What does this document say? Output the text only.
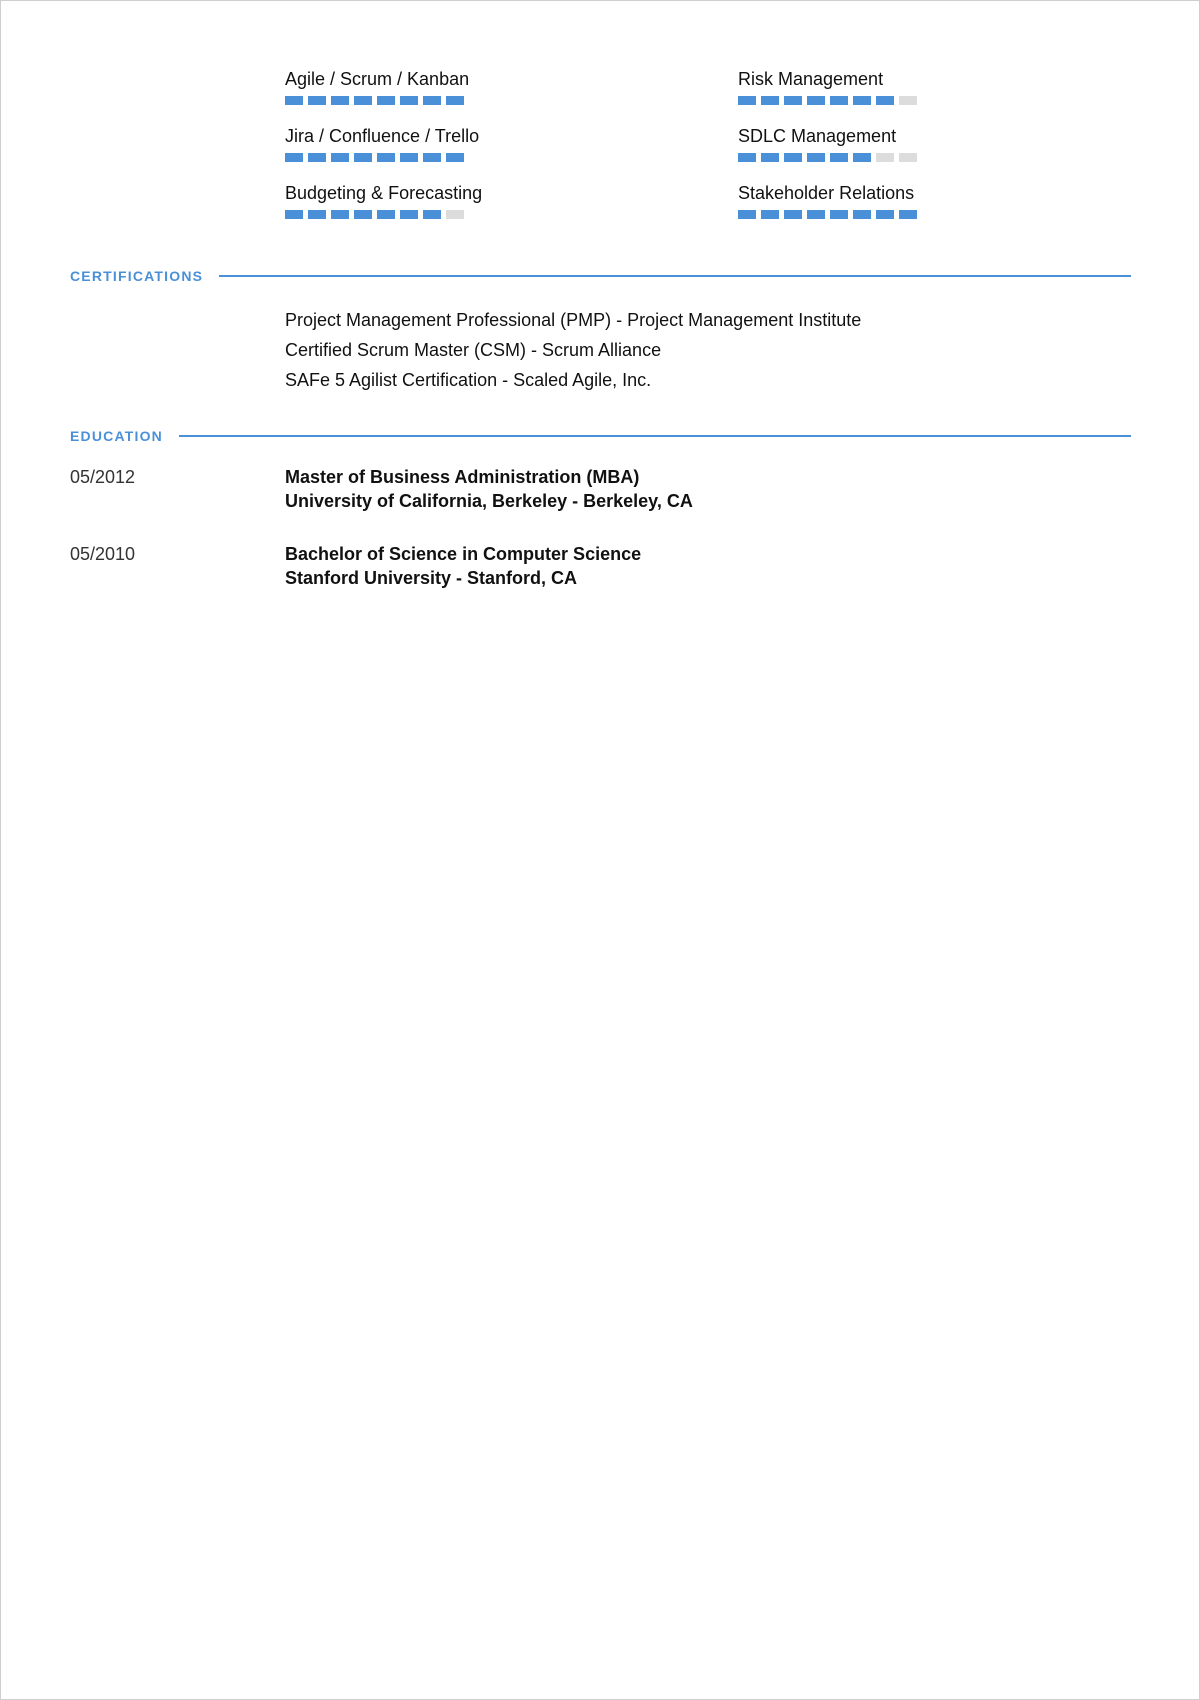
Agile / Scrum / Kanban	Risk Management
Jira / Confluence / Trello	SDLC Management
Budgeting & Forecasting	Stakeholder Relations
CERTIFICATIONS
Project Management Professional (PMP) - Project Management Institute
Certified Scrum Master (CSM) - Scrum Alliance
SAFe 5 Agilist Certification - Scaled Agile, Inc.
EDUCATION
05/2012	Master of Business Administration (MBA)
University of California, Berkeley - Berkeley, CA
05/2010	Bachelor of Science in Computer Science
Stanford University - Stanford, CA
